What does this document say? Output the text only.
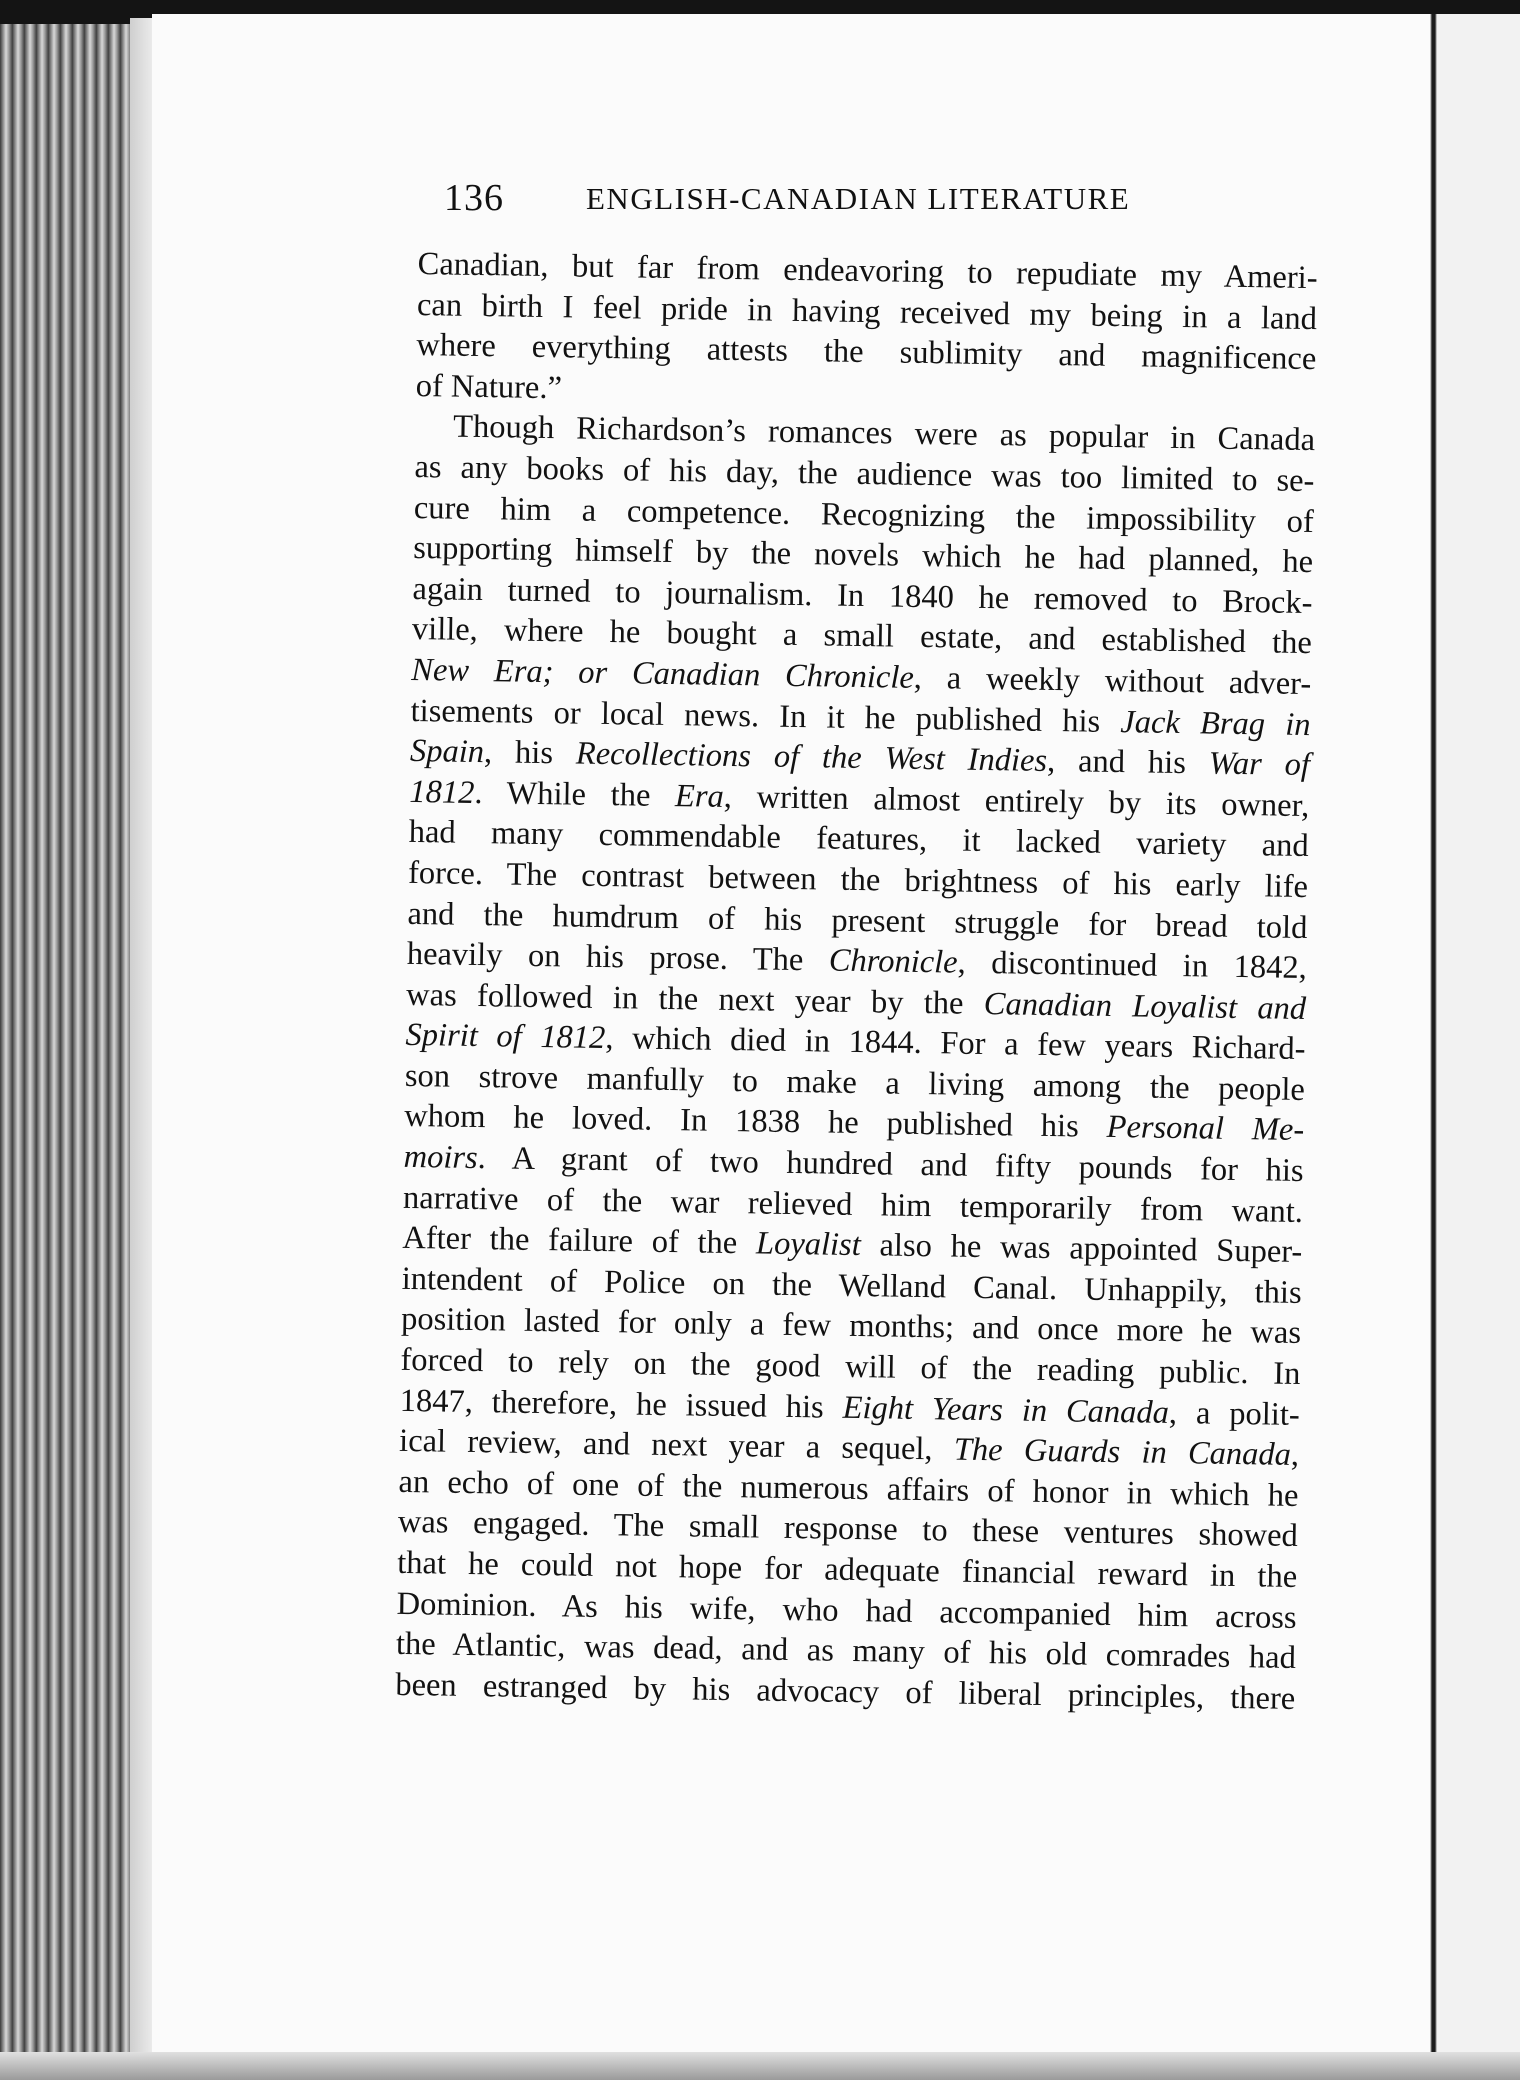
136	ENGLISH-CANADIAN LITERATURE
Canadian, but far from endeavoring to repudiate my Ameri-
can birth I feel pride in having received my being in a land
where everything attests the sublimity and magnificence
of Nature.”
Though Richardson’s romances were as popular in Canada
as any books of his day, the audience was too limited to se-
cure him a competence. Recognizing the impossibility of
supporting himself by the novels which he had planned, he
again turned to journalism. In 1840 he removed to Brock-
ville, where he bought a small estate, and established the
New Era; or Canadian Chronicle, a weekly without adver-
tisements or local news. In it he published his Jack Brag in
Spain, his Recollections of the West Indies, and his War of
1812. While the Era, written almost entirely by its owner,
had many commendable features, it lacked variety and
force. The contrast between the brightness of his early life
and the humdrum of his present struggle for bread told
heavily on his prose. The Chronicle, discontinued in 1842,
was followed in the next year by the Canadian Loyalist and
Spirit of 1812, which died in 1844. For a few years Richard-
son strove manfully to make a living among the people
whom he loved. In 1838 he published his Personal Me-
moirs. A grant of two hundred and fifty pounds for his
narrative of the war relieved him temporarily from want.
After the failure of the Loyalist also he was appointed Super-
intendent of Police on the Welland Canal. Unhappily, this
position lasted for only a few months; and once more he was
forced to rely on the good will of the reading public. In
1847, therefore, he issued his Eight Years in Canada, a polit-
ical review, and next year a sequel, The Guards in Canada,
an echo of one of the numerous affairs of honor in which he
was engaged. The small response to these ventures showed
that he could not hope for adequate financial reward in the
Dominion. As his wife, who had accompanied him across
the Atlantic, was dead, and as many of his old comrades had
been estranged by his advocacy of liberal principles, there
